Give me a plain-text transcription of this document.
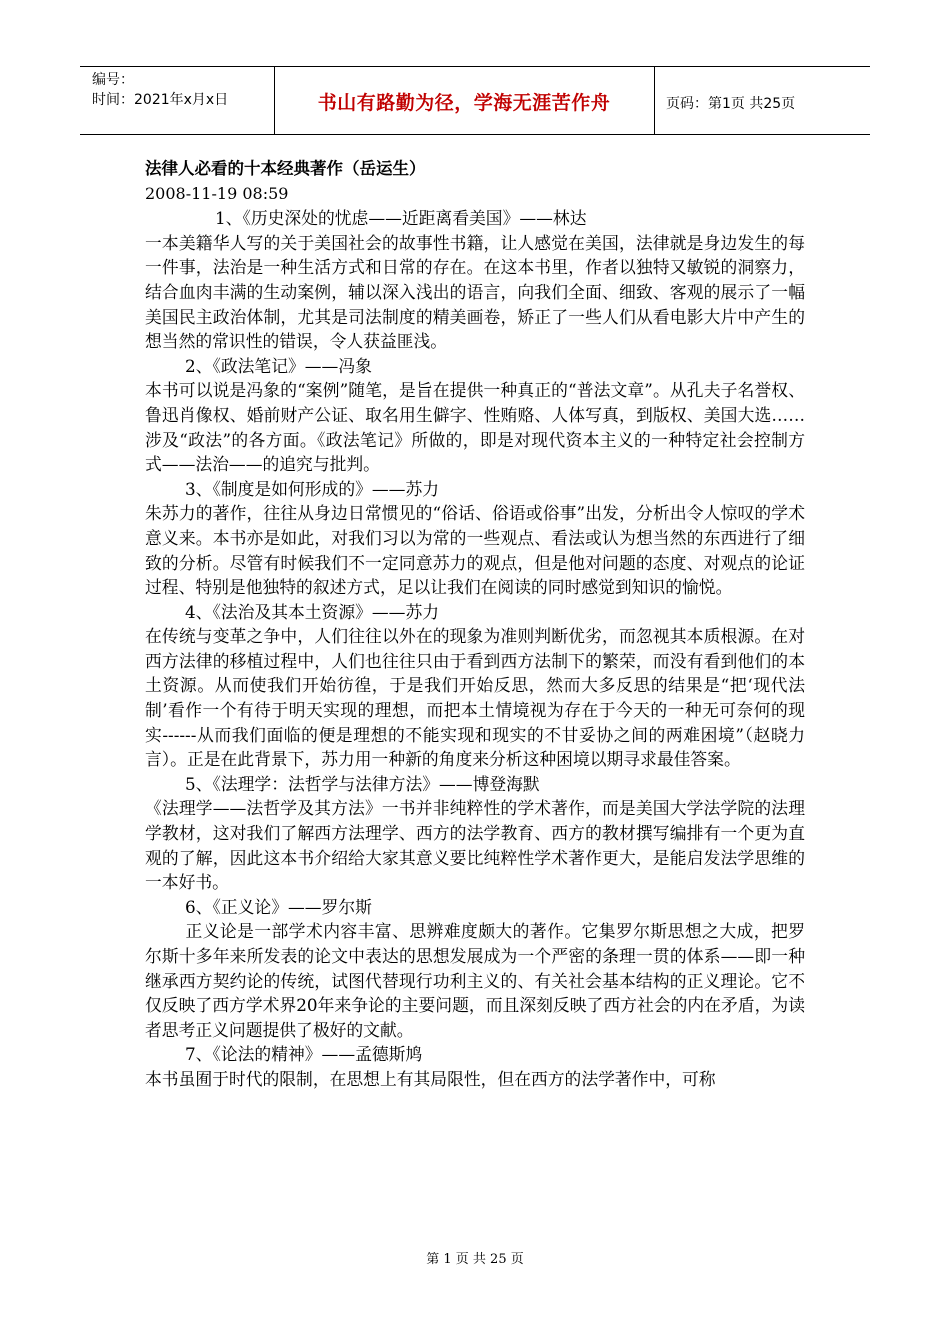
编号：
时间：2021年x月x日	书山有路勤为径，学海无涯苦作舟	页码：第1页 共25页
法律人必看的十本经典著作（岳运生）
2008-11-19 08:59
1、《历史深处的忧虑——近距离看美国》——林达
一本美籍华人写的关于美国社会的故事性书籍，让人感觉在美国，法律就是身边发生的每一件事，法治是一种生活方式和日常的存在。在这本书里，作者以独特又敏锐的洞察力，结合血肉丰满的生动案例，辅以深入浅出的语言，向我们全面、细致、客观的展示了一幅美国民主政治体制，尤其是司法制度的精美画卷，矫正了一些人们从看电影大片中产生的想当然的常识性的错误，令人获益匪浅。
2、《政法笔记》——冯象
本书可以说是冯象的“案例”随笔，是旨在提供一种真正的“普法文章”。从孔夫子名誉权、鲁迅肖像权、婚前财产公证、取名用生僻字、性贿赂、人体写真，到版权、美国大选……涉及“政法”的各方面。《政法笔记》所做的，即是对现代资本主义的一种特定社会控制方式——法治——的追究与批判。
3、《制度是如何形成的》——苏力
朱苏力的著作，往往从身边日常惯见的“俗话、俗语或俗事”出发，分析出令人惊叹的学术意义来。本书亦是如此，对我们习以为常的一些观点、看法或认为想当然的东西进行了细致的分析。尽管有时候我们不一定同意苏力的观点，但是他对问题的态度、对观点的论证过程、特别是他独特的叙述方式，足以让我们在阅读的同时感觉到知识的愉悦。
4、《法治及其本土资源》——苏力
在传统与变革之争中，人们往往以外在的现象为准则判断优劣，而忽视其本质根源。在对西方法律的移植过程中，人们也往往只由于看到西方法制下的繁荣，而没有看到他们的本土资源。从而使我们开始彷徨，于是我们开始反思，然而大多反思的结果是“把‘现代法制’看作一个有待于明天实现的理想，而把本土情境视为存在于今天的一种无可奈何的现实------从而我们面临的便是理想的不能实现和现实的不甘妥协之间的两难困境”（赵晓力言）。正是在此背景下，苏力用一种新的角度来分析这种困境以期寻求最佳答案。
5、《法理学：法哲学与法律方法》——博登海默
《法理学——法哲学及其方法》一书并非纯粹性的学术著作，而是美国大学法学院的法理学教材，这对我们了解西方法理学、西方的法学教育、西方的教材撰写编排有一个更为直观的了解，因此这本书介绍给大家其意义要比纯粹性学术著作更大，是能启发法学思维的一本好书。
6、《正义论》——罗尔斯
正义论是一部学术内容丰富、思辨难度颇大的著作。它集罗尔斯思想之大成，把罗尔斯十多年来所发表的论文中表达的思想发展成为一个严密的条理一贯的体系——即一种继承西方契约论的传统，试图代替现行功利主义的、有关社会基本结构的正义理论。它不仅反映了西方学术界20年来争论的主要问题，而且深刻反映了西方社会的内在矛盾，为读者思考正义问题提供了极好的文献。
7、《论法的精神》——孟德斯鸠
本书虽囿于时代的限制，在思想上有其局限性，但在西方的法学著作中，可称
第 1 页 共 25 页
